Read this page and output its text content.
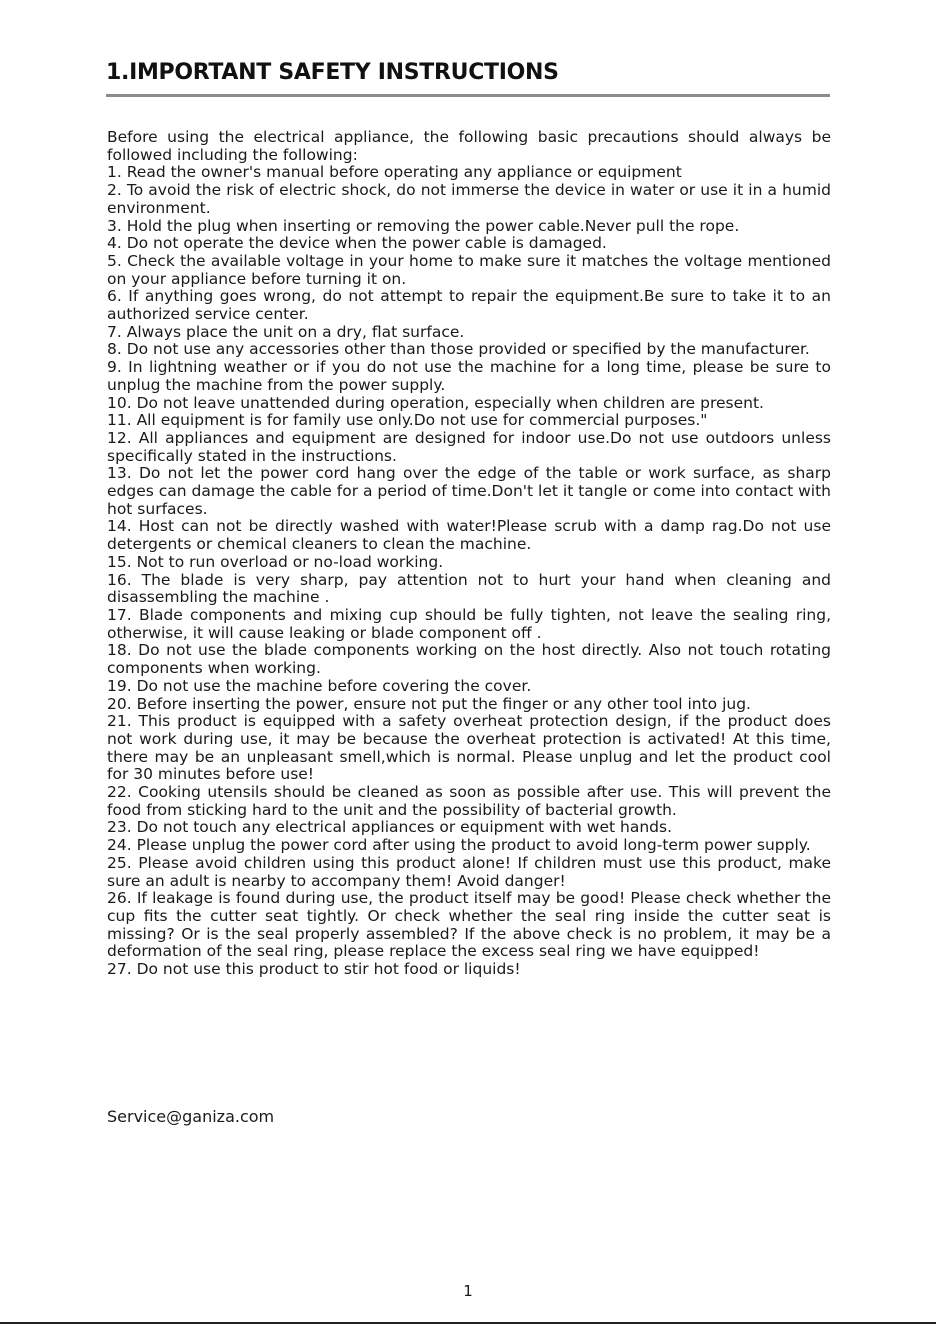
1.IMPORTANT SAFETY INSTRUCTIONS

Before using the electrical appliance, the following basic precautions should always be followed including the following:

1. Read the owner's manual before operating any appliance or equipment

2. To avoid the risk of electric shock, do not immerse the device in water or use it in a humid environment.

3. Hold the plug when inserting or removing the power cable.Never pull the rope.

4. Do not operate the device when the power cable is damaged.

5. Check the available voltage in your home to make sure it matches the voltage mentioned on your appliance before turning it on.

6. If anything goes wrong, do not attempt to repair the equipment.Be sure to take it to an authorized service center.

7. Always place the unit on a dry, flat surface.

8. Do not use any accessories other than those provided or specified by the manufacturer.

9. In lightning weather or if you do not use the machine for a long time, please be sure to unplug the machine from the power supply.

10. Do not leave unattended during operation, especially when children are present.

11. All equipment is for family use only.Do not use for commercial purposes."

12. All appliances and equipment are designed for indoor use.Do not use outdoors unless specifically stated in the instructions.

13. Do not let the power cord hang over the edge of the table or work surface, as sharp edges can damage the cable for a period of time.Don't let it tangle or come into contact with hot surfaces.

14. Host can not be directly washed with water!Please scrub with a damp rag.Do not use detergents or chemical cleaners to clean the machine.

15. Not to run overload or no-load working.

16. The blade is very sharp, pay attention not to hurt your hand when cleaning and disassembling the machine .

17. Blade components and mixing cup should be fully tighten, not leave the sealing ring, otherwise, it will cause leaking or blade component off .

18. Do not use the blade components working on the host directly. Also not touch rotating components when working.

19. Do not use the machine before covering the cover.

20. Before inserting the power, ensure not put the finger or any other tool into jug.

21. This product is equipped with a safety overheat protection design, if the product does not work during use, it may be because the overheat protection is activated! At this time, there may be an unpleasant smell,which is normal. Please unplug and let the product cool for 30 minutes before use!

22. Cooking utensils should be cleaned as soon as possible after use. This will prevent the food from sticking hard to the unit and the possibility of bacterial growth.

23. Do not touch any electrical appliances or equipment with wet hands.

24. Please unplug the power cord after using the product to avoid long-term power supply.

25. Please avoid children using this product alone! If children must use this product, make sure an adult is nearby to accompany them! Avoid danger!

26. If leakage is found during use, the product itself may be good! Please check whether the cup fits the cutter seat tightly. Or check whether the seal ring inside the cutter seat is missing? Or is the seal properly assembled? If the above check is no problem, it may be a deformation of the seal ring, please replace the excess seal ring we have equipped!

27. Do not use this product to stir hot food or liquids!

Service@ganiza.com
1
